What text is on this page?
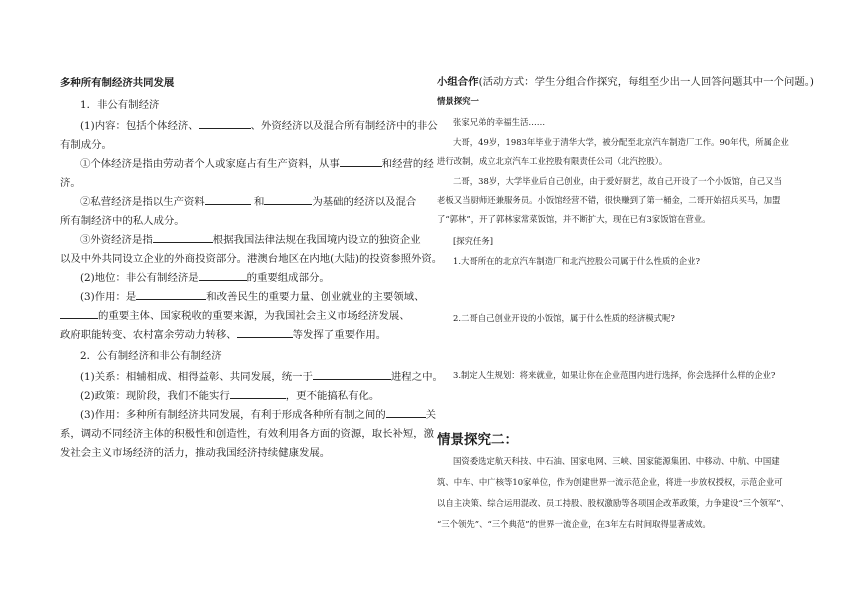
多种所有制经济共同发展
1．非公有制经济
(1)内容：包括个体经济、	、外资经济以及混合所有制经济中的非公
有制成分。
①个体经济是指由劳动者个人或家庭占有生产资料，从事	和经营的经
济。
②私营经济是指以生产资料	和	为基础的经济以及混合
所有制经济中的私人成分。
③外资经济是指	根据我国法律法规在我国境内设立的独资企业
以及中外共同设立企业的外商投资部分。港澳台地区在内地(大陆)的投资参照外资。
(2)地位：非公有制经济是	的重要组成部分。
(3)作用：是	和改善民生的重要力量、创业就业的主要领域、
的重要主体、国家税收的重要来源，为我国社会主义市场经济发展、
政府职能转变、农村富余劳动力转移、	等发挥了重要作用。
2．公有制经济和非公有制经济
(1)关系：相辅相成、相得益彰、共同发展，统一于	进程之中。
(2)政策：现阶段，我们不能实行	，更不能搞私有化。
(3)作用：多种所有制经济共同发展，有利于形成各种所有制之间的	关
系，调动不同经济主体的积极性和创造性，有效利用各方面的资源，取长补短，激
发社会主义市场经济的活力，推动我国经济持续健康发展。
小组合作(活动方式：学生分组合作探究，每组至少出一人回答问题其中一个问题。)
情景探究一
张家兄弟的幸福生活……
大哥，49岁，1983年毕业于清华大学，被分配至北京汽车制造厂工作。90年代，所属企业
进行改制，成立北京汽车工业控股有限责任公司（北汽控股）。
二哥，38岁，大学毕业后自己创业，由于爱好厨艺，故自己开设了一个小饭馆，自己又当
老板又当厨师还兼服务员。小饭馆经营不错，很快赚到了第一桶金，二哥开始招兵买马，加盟
了“郭林”，开了郭林家常菜饭馆，并不断扩大，现在已有3家饭馆在营业。
[探究任务]
1.大哥所在的北京汽车制造厂和北汽控股公司属于什么性质的企业?
2.二哥自己创业开设的小饭馆，属于什么性质的经济模式呢?
3.制定人生规划：将来就业，如果让你在企业范围内进行选择，你会选择什么样的企业?
情景探究二：
国资委选定航天科技、中石油、国家电网、三峡、国家能源集团、中移动、中航、中国建
筑、中车、中广核等10家单位，作为创建世界一流示范企业，将进一步放权授权，示范企业可
以自主决策、综合运用混改、员工持股、股权激励等各项国企改革政策，力争建设“三个领军”、
“三个领先”、“三个典范”的世界一流企业，在3年左右时间取得显著成效。
